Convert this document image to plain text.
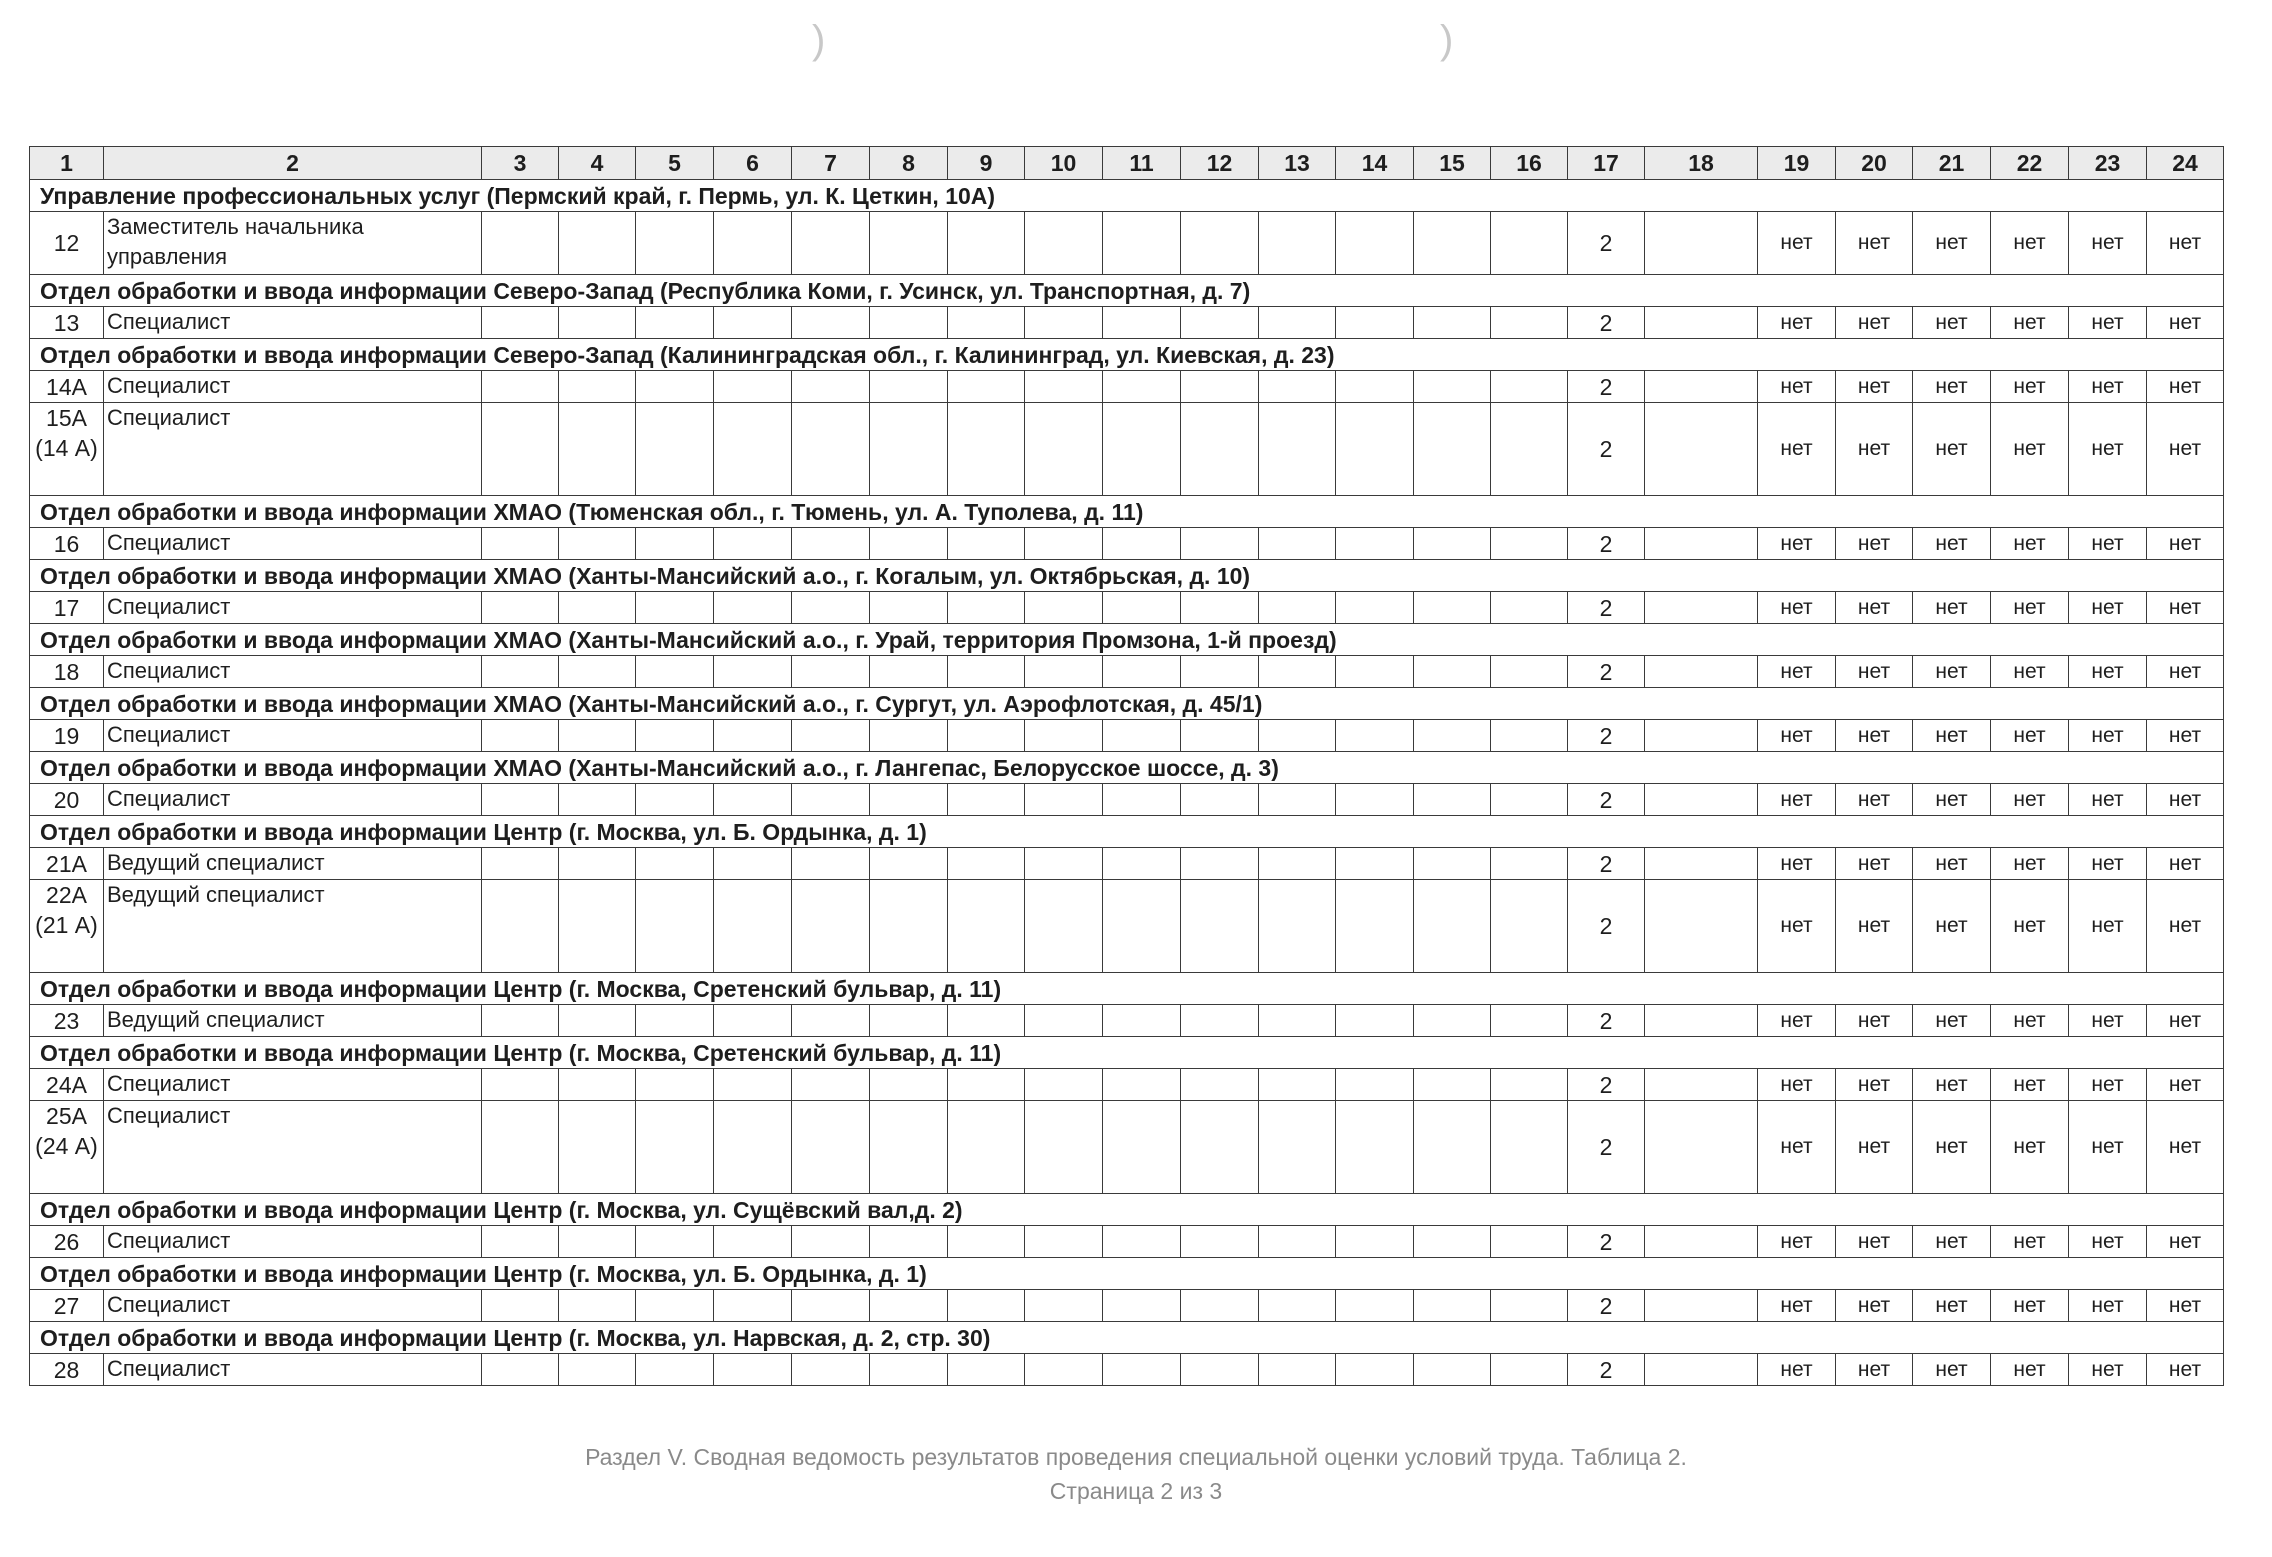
)	)
1	2	3	4	5	6	7	8	9	10	11	12	13	14	15	16	17	18	19	20	21	22	23	24
Управление профессиональных услуг (Пермский край, г. Пермь, ул. К. Цеткин, 10А)																							
12	Заместитель начальника управления															2		нет	нет	нет	нет	нет	нет
Отдел обработки и ввода информации Северо-Запад (Республика Коми, г. Усинск, ул. Транспортная, д. 7)																							
13	Специалист															2		нет	нет	нет	нет	нет	нет
Отдел обработки и ввода информации Северо-Запад (Калининградская обл., г. Калининград, ул. Киевская, д. 23)																							
14А	Специалист															2		нет	нет	нет	нет	нет	нет
15А (14 А)	Специалист															2		нет	нет	нет	нет	нет	нет
Отдел обработки и ввода информации ХМАО (Тюменская обл., г. Тюмень, ул. А. Туполева, д. 11)																							
16	Специалист															2		нет	нет	нет	нет	нет	нет
Отдел обработки и ввода информации ХМАО (Ханты-Мансийский а.о., г. Когалым, ул. Октябрьская, д. 10)																							
17	Специалист															2		нет	нет	нет	нет	нет	нет
Отдел обработки и ввода информации ХМАО (Ханты-Мансийский а.о., г. Урай, территория Промзона, 1-й проезд)																							
18	Специалист															2		нет	нет	нет	нет	нет	нет
Отдел обработки и ввода информации ХМАО (Ханты-Мансийский а.о., г. Сургут, ул. Аэрофлотская, д. 45/1)																							
19	Специалист															2		нет	нет	нет	нет	нет	нет
Отдел обработки и ввода информации ХМАО (Ханты-Мансийский а.о., г. Лангепас, Белорусское шоссе, д. 3)																							
20	Специалист															2		нет	нет	нет	нет	нет	нет
Отдел обработки и ввода информации Центр (г. Москва, ул. Б. Ордынка, д. 1)																							
21А	Ведущий специалист															2		нет	нет	нет	нет	нет	нет
22А (21 А)	Ведущий специалист															2		нет	нет	нет	нет	нет	нет
Отдел обработки и ввода информации Центр (г. Москва, Сретенский бульвар, д. 11)																							
23	Ведущий специалист															2		нет	нет	нет	нет	нет	нет
Отдел обработки и ввода информации Центр (г. Москва, Сретенский бульвар, д. 11)																							
24А	Специалист															2		нет	нет	нет	нет	нет	нет
25А (24 А)	Специалист															2		нет	нет	нет	нет	нет	нет
Отдел обработки и ввода информации Центр (г. Москва, ул. Сущёвский вал,д. 2)																							
26	Специалист															2		нет	нет	нет	нет	нет	нет
Отдел обработки и ввода информации Центр (г. Москва, ул. Б. Ордынка, д. 1)																							
27	Специалист															2		нет	нет	нет	нет	нет	нет
Отдел обработки и ввода информации Центр (г. Москва, ул. Нарвская, д. 2, стр. 30)																							
28	Специалист															2		нет	нет	нет	нет	нет	нет
Раздел V. Сводная ведомость результатов проведения специальной оценки условий труда. Таблица 2.
Страница 2 из 3
